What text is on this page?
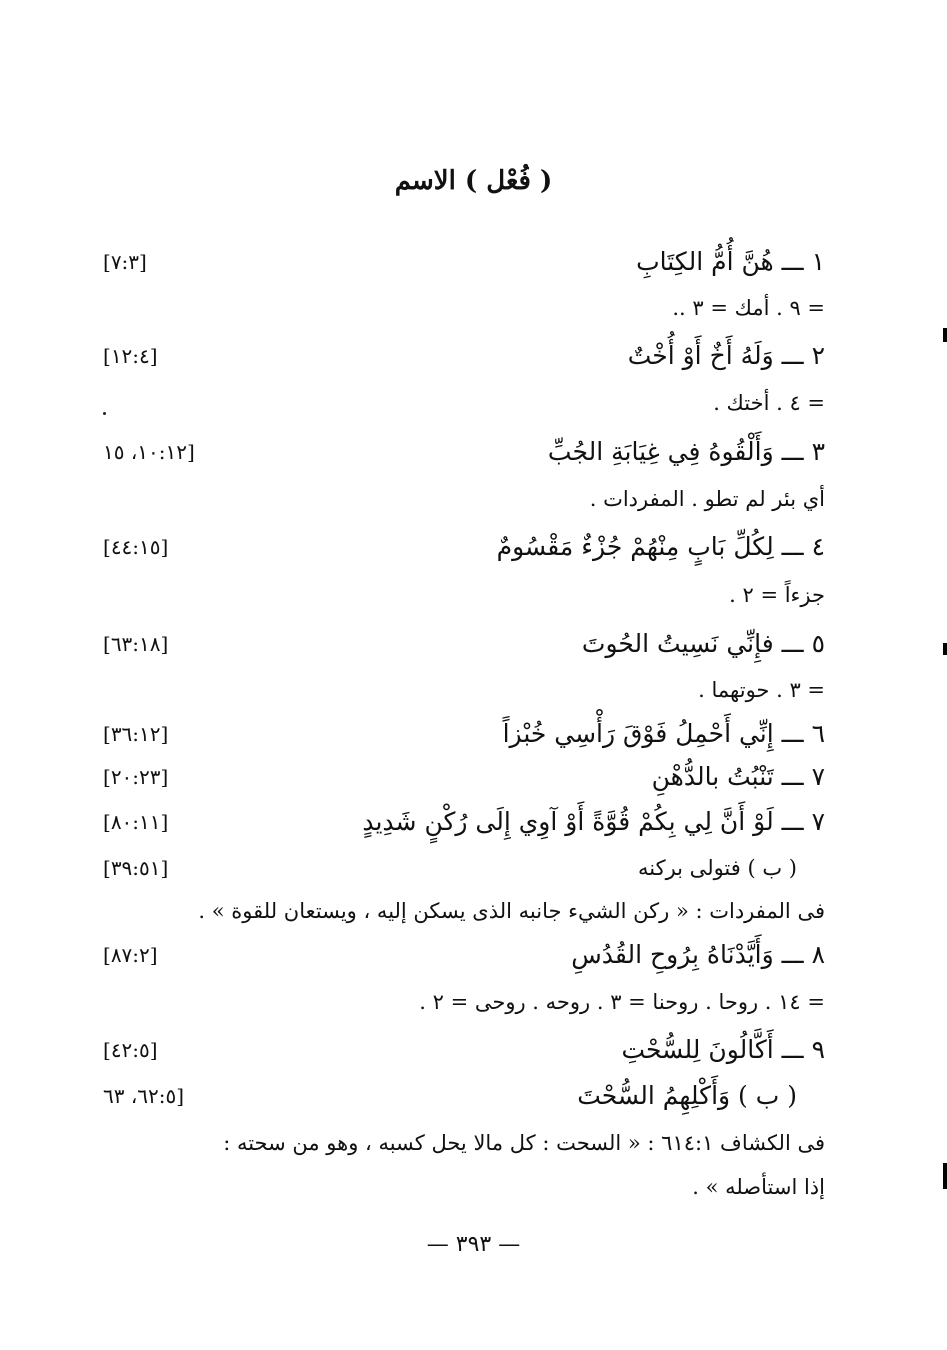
( فُعْل ) الاسم
١ ـــ هُنَّ أُمُّ الكِتَابِ
[٧:٣]
= ٩ . أمك = ٣ ..
٢ ـــ وَلَهُ أَخٌ أَوْ أُخْتٌ
[١٢:٤]
= ٤ . أختك .
٣ ـــ وَأَلْقُوهُ فِي غِيَابَةِ الجُبِّ
[١٠:١٢، ١٥
أي بئر لم تطو . المفردات .
٤ ـــ لِكُلِّ بَابٍ مِنْهُمْ جُزْءٌ مَقْسُومٌ
[٤٤:١٥]
جزءاً = ٢ .
٥ ـــ فإِنِّي نَسِيتُ الحُوتَ
[٦٣:١٨]
= ٣ . حوتهما .
٦ ـــ إِنِّي أَحْمِلُ فَوْقَ رَأْسِي خُبْزاً
[٣٦:١٢]
٧ ـــ تَنْبُتُ بالدُّهْنِ
[٢٠:٢٣]
٧ ـــ لَوْ أَنَّ لِي بِكُمْ قُوَّةً أَوْ آوِي إِلَى رُكْنٍ شَدِيدٍ
[٨٠:١١]
( ب ) فتولى بركنه
[٣٩:٥١]
فى المفردات : « ركن الشيء جانبه الذى يسكن إليه ، ويستعان للقوة » .
٨ ـــ وَأَيَّدْنَاهُ بِرُوحِ القُدُسِ
[٨٧:٢]
= ١٤ . روحا . روحنا = ٣ . روحه . روحى = ٢ .
٩ ـــ أَكَّالُونَ لِلسُّحْتِ
[٤٢:٥]
( ب ) وَأَكْلِهِمُ السُّحْتَ
[٦٢:٥، ٦٣
فى الكشاف ٦١٤:١ : « السحت : كل مالا يحل كسبه ، وهو من سحته :
إذا استأصله » .
— ٣٩٣ —
